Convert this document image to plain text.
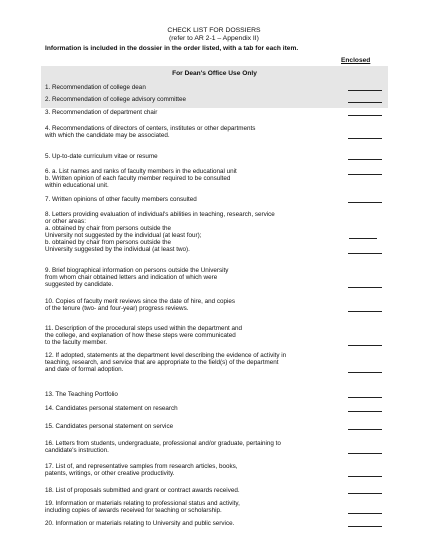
CHECK LIST FOR DOSSIERS
(refer to AR 2-1 – Appendix II)
Information is included in the dossier in the order listed, with a tab for each item.
Enclosed
For Dean's Office Use Only
1. Recommendation of college dean
2. Recommendation of college advisory committee
3. Recommendation of department chair
4. Recommendations of directors of centers, institutes or other departments
with which the candidate may be associated.
5. Up-to-date curriculum vitae or resume
6. a. List names and ranks of faculty members in the educational unit
b. Written opinion of each faculty member required to be consulted
within educational unit.
7. Written opinions of other faculty members consulted
8. Letters providing evaluation of individual's abilities in teaching, research, service
or other areas:
a. obtained by chair from persons outside the
University not suggested by the individual (at least four);
b. obtained by chair from persons outside the
University suggested by the individual (at least two).
9. Brief biographical information on persons outside the University
from whom chair obtained letters and indication of which were
suggested by candidate.
10. Copies of faculty merit reviews since the date of hire, and copies
of the tenure (two- and four-year) progress reviews.
11. Description of the procedural steps used within the department and
the college, and explanation of how these steps were communicated
to the faculty member.
12. If adopted, statements at the department level describing the evidence of activity in
teaching, research, and service that are appropriate to the field(s) of the department
and date of formal adoption.
13. The Teaching Portfolio
14. Candidates personal statement on research
15. Candidates personal statement on service
16. Letters from students, undergraduate, professional and/or graduate, pertaining to
candidate's instruction.
17. List of, and representative samples from research articles, books,
patents, writings, or other creative productivity.
18. List of proposals submitted and grant or contract awards received.
19. Information or materials relating to professional status and activity,
including copies of awards received for teaching or scholarship.
20. Information or materials relating to University and public service.
